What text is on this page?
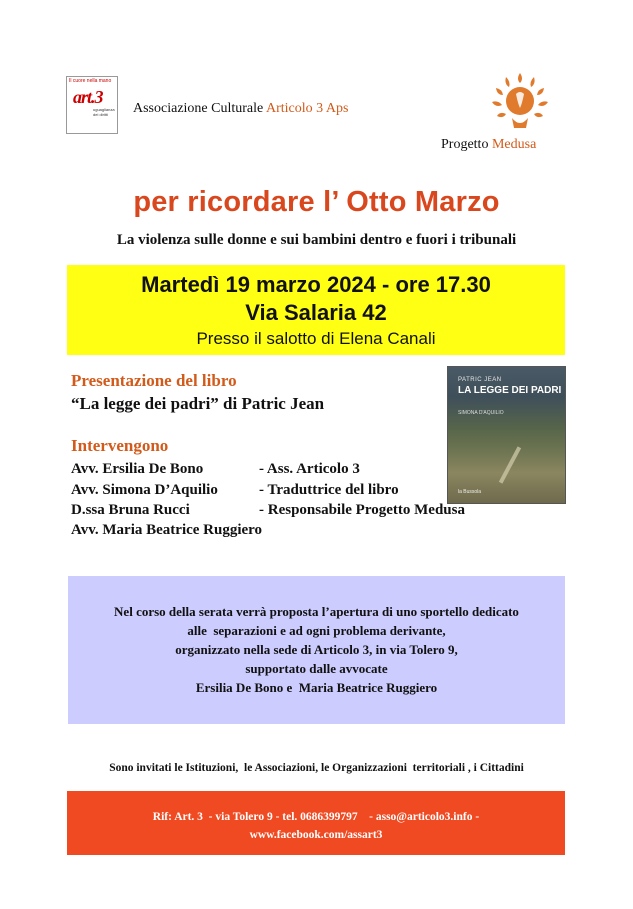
Il cuore nella mano
art.3
uguaglianza dei diritti	Associazione Culturale Articolo 3 Aps
Progetto Medusa
per ricordare l’ Otto Marzo
La violenza sulle donne e sui bambini dentro e fuori i tribunali
Martedì 19 marzo 2024 - ore 17.30
Via Salaria 42
Presso il salotto di Elena Canali
Presentazione del libro
“La legge dei padri” di Patric Jean
PATRIC JEAN
LA LEGGE DEI PADRI
SIMONA D'AQUILIO
la Bussola
Intervengono
Avv. Ersilia De Bono	- Ass. Articolo 3
Avv. Simona D’Aquilio	- Traduttrice del libro
D.ssa Bruna Rucci	- Responsabile Progetto Medusa
Avv. Maria Beatrice Ruggiero
Nel corso della serata verrà proposta l’apertura di uno sportello dedicato
alle  separazioni e ad ogni problema derivante,
organizzato nella sede di Articolo 3, in via Tolero 9,
supportato dalle avvocate
Ersilia De Bono e  Maria Beatrice Ruggiero
Sono invitati le Istituzioni,  le Associazioni, le Organizzazioni  territoriali , i Cittadini
Rif: Art. 3  - via Tolero 9 - tel. 0686399797    - asso@articolo3.info -
www.facebook.com/assart3
